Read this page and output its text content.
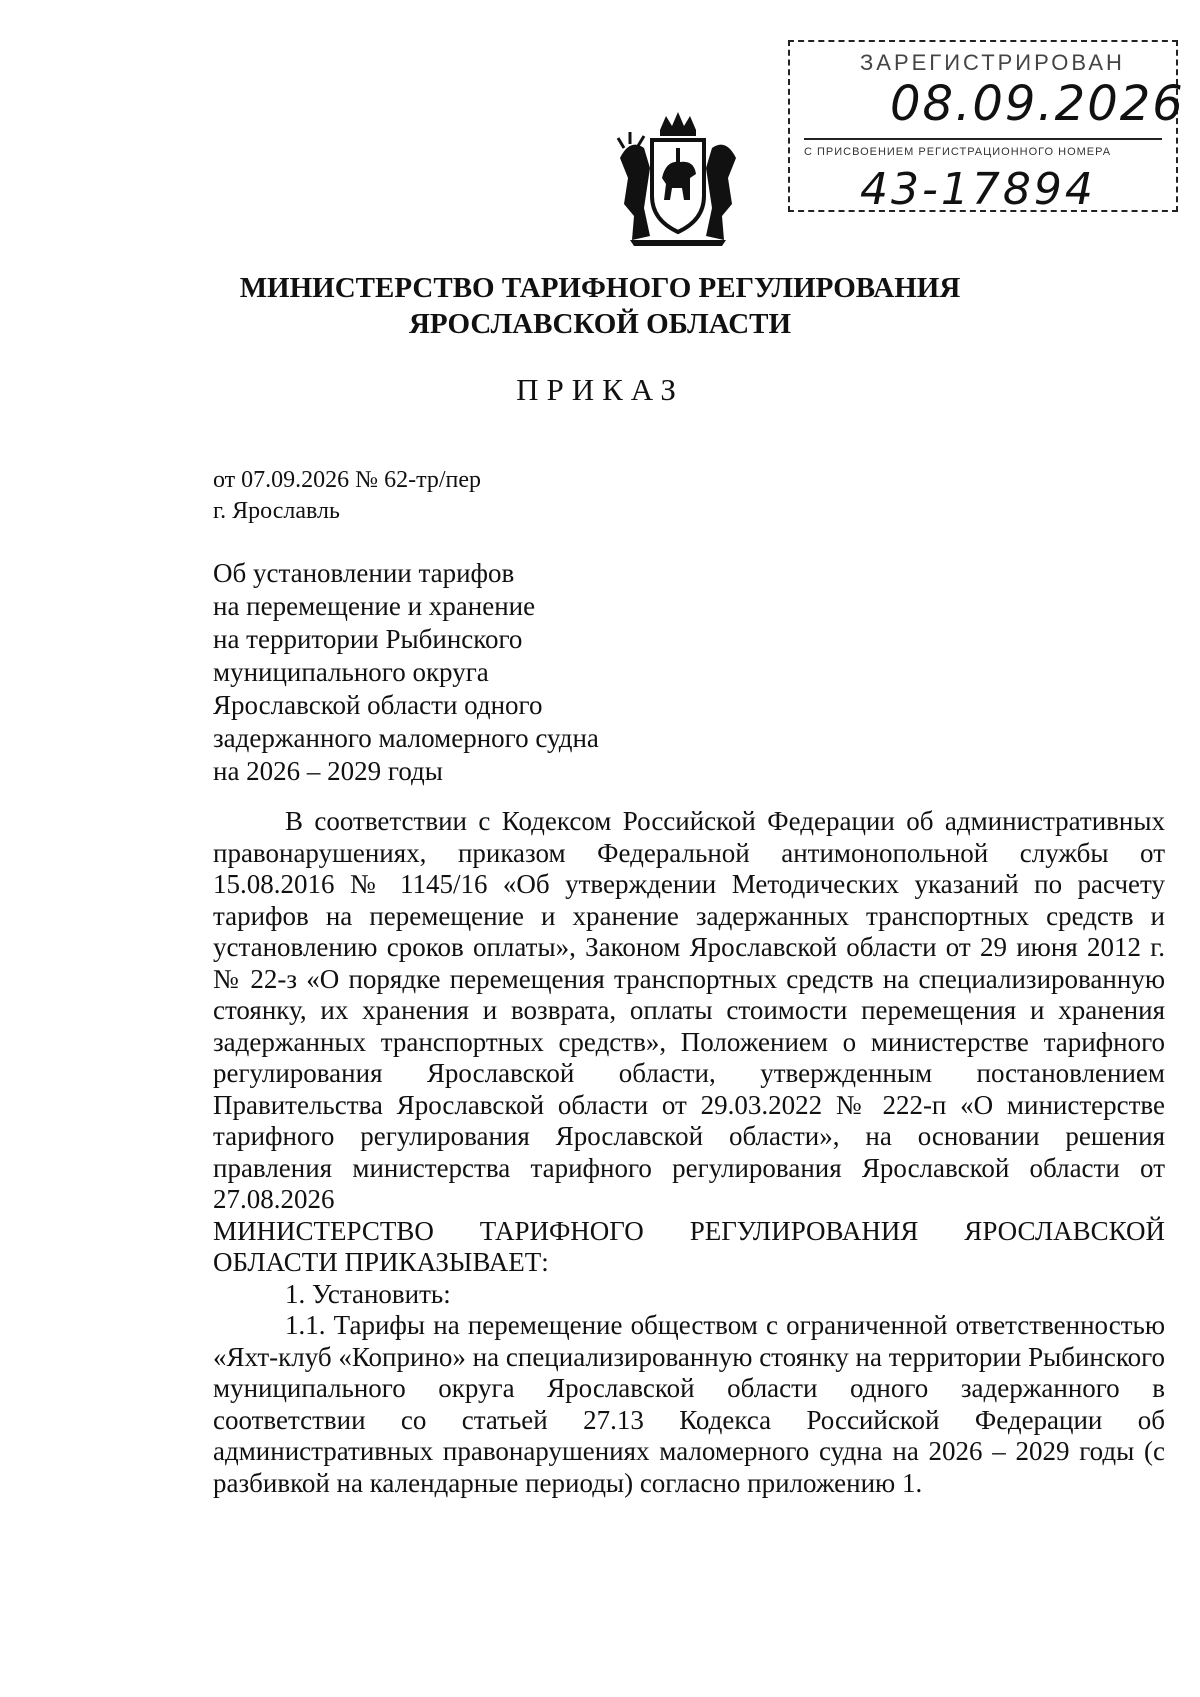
ЗАРЕГИСТРИРОВАН
08.09.2026
С ПРИСВОЕНИЕМ РЕГИСТРАЦИОННОГО НОМЕРА
43-17894
МИНИСТЕРСТВО ТАРИФНОГО РЕГУЛИРОВАНИЯ
ЯРОСЛАВСКОЙ ОБЛАСТИ
ПРИКАЗ
от 07.09.2026 № 62-тр/пер
г. Ярославль
Об установлении тарифов
на перемещение и хранение
на территории Рыбинского
муниципального округа
Ярославской области одного
задержанного маломерного судна
на 2026 – 2029 годы

В соответствии с Кодексом Российской Федерации об административных правонарушениях, приказом Федеральной антимонопольной службы от 15.08.2016 № 1145/16 «Об утверждении Методических указаний по расчету тарифов на перемещение и хранение задержанных транспортных средств и установлению сроков оплаты», Законом Ярославской области от 29 июня 2012 г. № 22-з «О порядке перемещения транспортных средств на специализированную стоянку, их хранения и возврата, оплаты стоимости перемещения и хранения задержанных транспортных средств», Положением о министерстве тарифного регулирования Ярославской области, утвержденным постановлением Правительства Ярославской области от 29.03.2022 № 222-п «О министерстве тарифного регулирования Ярославской области», на основании решения правления министерства тарифного регулирования Ярославской области от 27.08.2026

МИНИСТЕРСТВО ТАРИФНОГО РЕГУЛИРОВАНИЯ ЯРОСЛАВСКОЙ ОБЛАСТИ ПРИКАЗЫВАЕТ:

1. Установить:

1.1. Тарифы на перемещение обществом с ограниченной ответственностью «Яхт-клуб «Коприно» на специализированную стоянку на территории Рыбинского муниципального округа Ярославской области одного задержанного в соответствии со статьей 27.13 Кодекса Российской Федерации об административных правонарушениях маломерного судна на 2026 – 2029 годы (с разбивкой на календарные периоды) согласно приложению 1.
